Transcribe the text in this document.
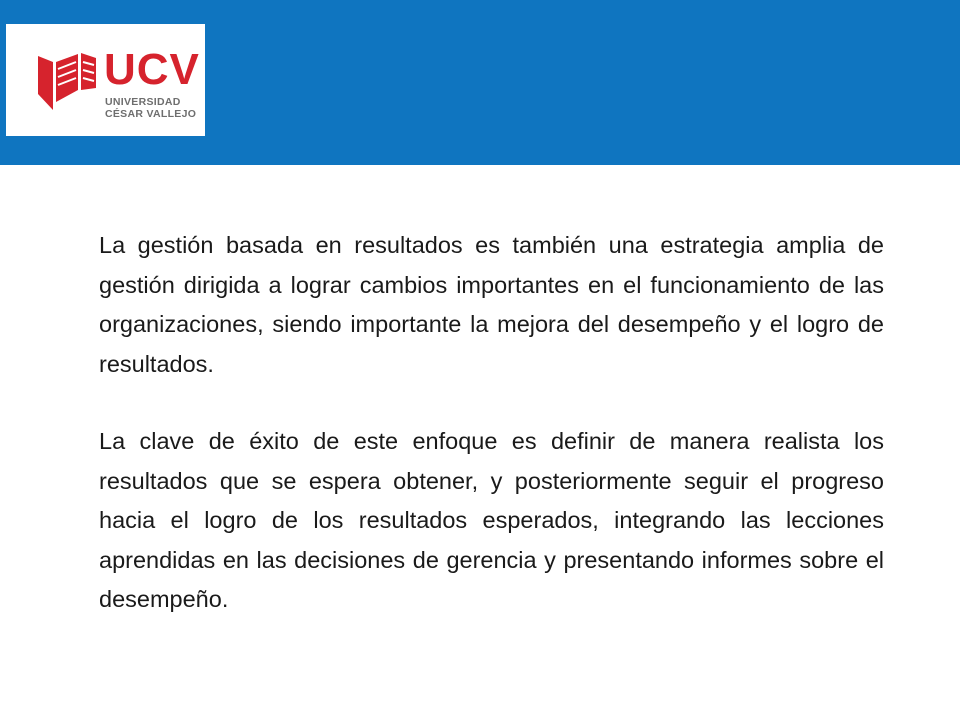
UCV
UNIVERSIDAD
CÉSAR VALLEJO

La gestión basada en resultados es también una estrategia amplia de gestión dirigida a lograr cambios importantes en el funcionamiento de las organizaciones, siendo importante la mejora del desempeño y el logro de resultados.

La clave de éxito de este enfoque es definir de manera realista los resultados que se espera obtener, y posteriormente seguir el progreso hacia el logro de los resultados esperados, integrando las lecciones aprendidas en las decisiones de gerencia y presentando informes sobre el desempeño.
